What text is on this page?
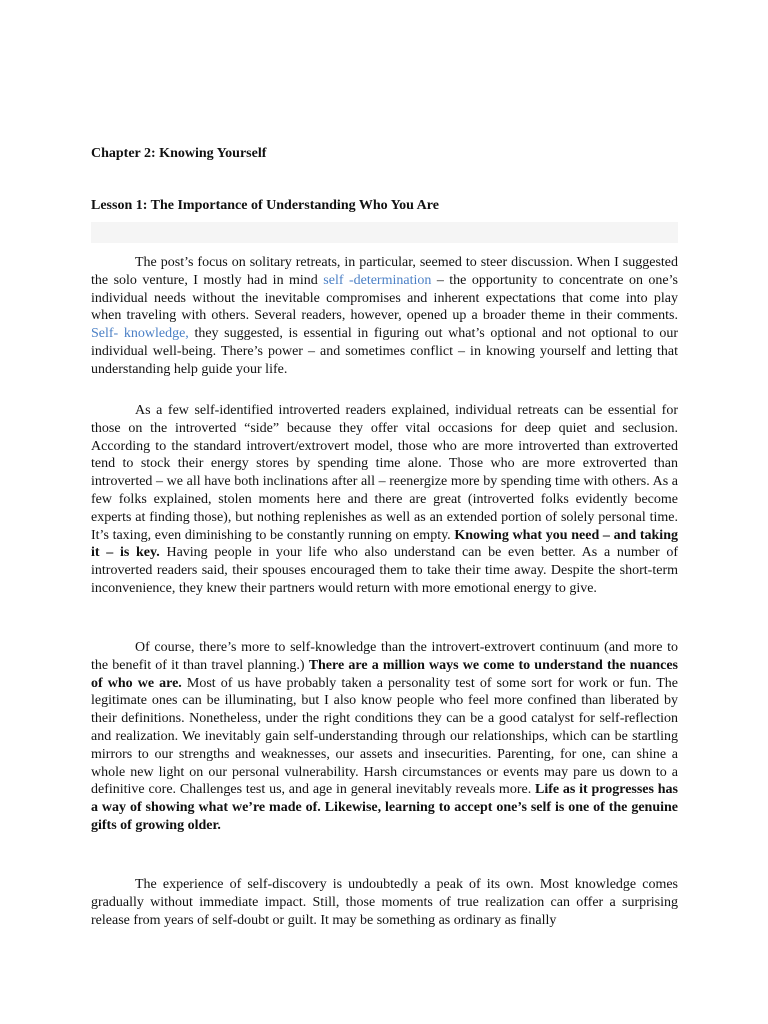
Chapter 2: Knowing Yourself
Lesson 1: The Importance of Understanding Who You Are

The post’s focus on solitary retreats, in particular, seemed to steer discussion. When I suggested the solo venture, I mostly had in mind self -determination – the opportunity to concentrate on one’s individual needs without the inevitable compromises and inherent expectations that come into play when traveling with others. Several readers, however, opened up a broader theme in their comments. Self- knowledge, they suggested, is essential in figuring out what’s optional and not optional to our individual well-being. There’s power – and sometimes conflict – in knowing yourself and letting that understanding help guide your life.

As a few self-identified introverted readers explained, individual retreats can be essential for those on the introverted “side” because they offer vital occasions for deep quiet and seclusion. According to the standard introvert/extrovert model, those who are more introverted than extroverted tend to stock their energy stores by spending time alone. Those who are more extroverted than introverted – we all have both inclinations after all – reenergize more by spending time with others. As a few folks explained, stolen moments here and there are great (introverted folks evidently become experts at finding those), but nothing replenishes as well as an extended portion of solely personal time. It’s taxing, even diminishing to be constantly running on empty. Knowing what you need – and taking it – is key. Having people in your life who also understand can be even better. As a number of introverted readers said, their spouses encouraged them to take their time away. Despite the short-term inconvenience, they knew their partners would return with more emotional energy to give.

Of course, there’s more to self-knowledge than the introvert-extrovert continuum (and more to the benefit of it than travel planning.) There are a million ways we come to understand the nuances of who we are. Most of us have probably taken a personality test of some sort for work or fun. The legitimate ones can be illuminating, but I also know people who feel more confined than liberated by their definitions. Nonetheless, under the right conditions they can be a good catalyst for self-reflection and realization. We inevitably gain self-understanding through our relationships, which can be startling mirrors to our strengths and weaknesses, our assets and insecurities. Parenting, for one, can shine a whole new light on our personal vulnerability. Harsh circumstances or events may pare us down to a definitive core. Challenges test us, and age in general inevitably reveals more. Life as it progresses has a way of showing what we’re made of. Likewise, learning to accept one’s self is one of the genuine gifts of growing older.

The experience of self-discovery is undoubtedly a peak of its own. Most knowledge comes gradually without immediate impact. Still, those moments of true realization can offer a surprising release from years of self-doubt or guilt. It may be something as ordinary as finally
